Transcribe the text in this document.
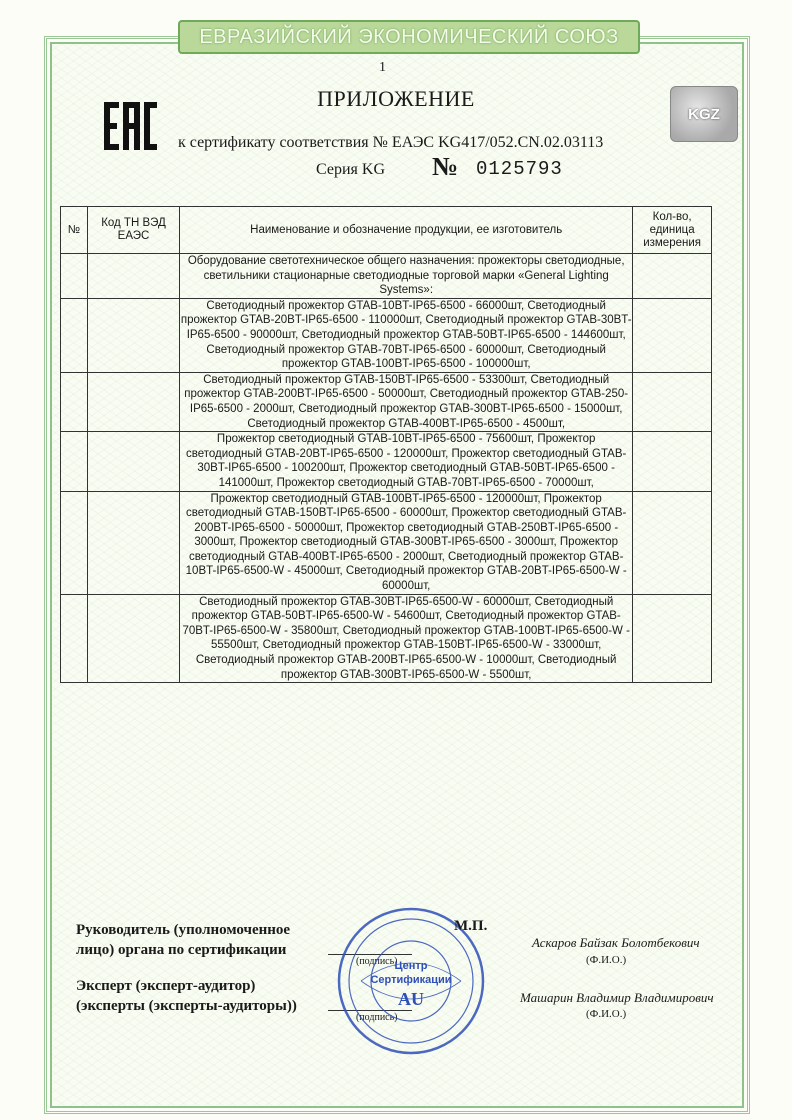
ЕВРАЗИЙСКИЙ ЭКОНОМИЧЕСКИЙ СОЮЗ
1
ПРИЛОЖЕНИЕ
KGZ
к сертификату соответствия № ЕАЭС KG417/052.CN.02.03113
Серия KG № 0125793
№	Код ТН ВЭД ЕАЭС	Наименование и обозначение продукции, ее изготовитель	Кол-во, единица измерения
		Оборудование светотехническое общего назначения: прожекторы светодиодные, светильники стационарные светодиодные торговой марки «General Lighting Systems»:	
		Светодиодный прожектор GTAB-10BT-IP65-6500 - 66000шт, Светодиодный прожектор GTAB-20BT-IP65-6500 - 110000шт, Светодиодный прожектор GTAB-30BT-IP65-6500 - 90000шт, Светодиодный прожектор GTAB-50BT-IP65-6500 - 144600шт, Светодиодный прожектор GTAB-70BT-IP65-6500 - 60000шт, Светодиодный прожектор GTAB-100BT-IP65-6500 - 100000шт,	
		Светодиодный прожектор GTAB-150BT-IP65-6500 - 53300шт, Светодиодный прожектор GTAB-200BT-IP65-6500 - 50000шт, Светодиодный прожектор GTAB-250-IP65-6500 - 2000шт, Светодиодный прожектор GTAB-300BT-IP65-6500 - 15000шт, Светодиодный прожектор GTAB-400BT-IP65-6500 - 4500шт,	
		Прожектор светодиодный GTAB-10BT-IP65-6500 - 75600шт, Прожектор светодиодный GTAB-20BT-IP65-6500 - 120000шт, Прожектор светодиодный GTAB-30BT-IP65-6500 - 100200шт, Прожектор светодиодный GTAB-50BT-IP65-6500 - 141000шт, Прожектор светодиодный GTAB-70BT-IP65-6500 - 70000шт,	
		Прожектор светодиодный GTAB-100BT-IP65-6500 - 120000шт, Прожектор светодиодный GTAB-150BT-IP65-6500 - 60000шт, Прожектор светодиодный GTAB-200BT-IP65-6500 - 50000шт, Прожектор светодиодный GTAB-250BT-IP65-6500 - 3000шт, Прожектор светодиодный GTAB-300BT-IP65-6500 - 3000шт, Прожектор светодиодный GTAB-400BT-IP65-6500 - 2000шт, Светодиодный прожектор GTAB-10BT-IP65-6500-W - 45000шт, Светодиодный прожектор GTAB-20BT-IP65-6500-W - 60000шт,	
		Светодиодный прожектор GTAB-30BT-IP65-6500-W - 60000шт, Светодиодный прожектор GTAB-50BT-IP65-6500-W - 54600шт, Светодиодный прожектор GTAB-70BT-IP65-6500-W - 35800шт, Светодиодный прожектор GTAB-100BT-IP65-6500-W - 55500шт, Светодиодный прожектор GTAB-150BT-IP65-6500-W - 33000шт, Светодиодный прожектор GTAB-200BT-IP65-6500-W - 10000шт, Светодиодный прожектор GTAB-300BT-IP65-6500-W - 5500шт,	
Руководитель (уполномоченное
лицо) органа по сертификации
Эксперт (эксперт-аудитор)
(эксперты (эксперты-аудиторы))
(подпись)
(подпись)
Центр
Сертификации
AU
М.П.
Аскаров Байзак Болотбекович
(Ф.И.О.)
Машарин Владимир Владимирович
(Ф.И.О.)
